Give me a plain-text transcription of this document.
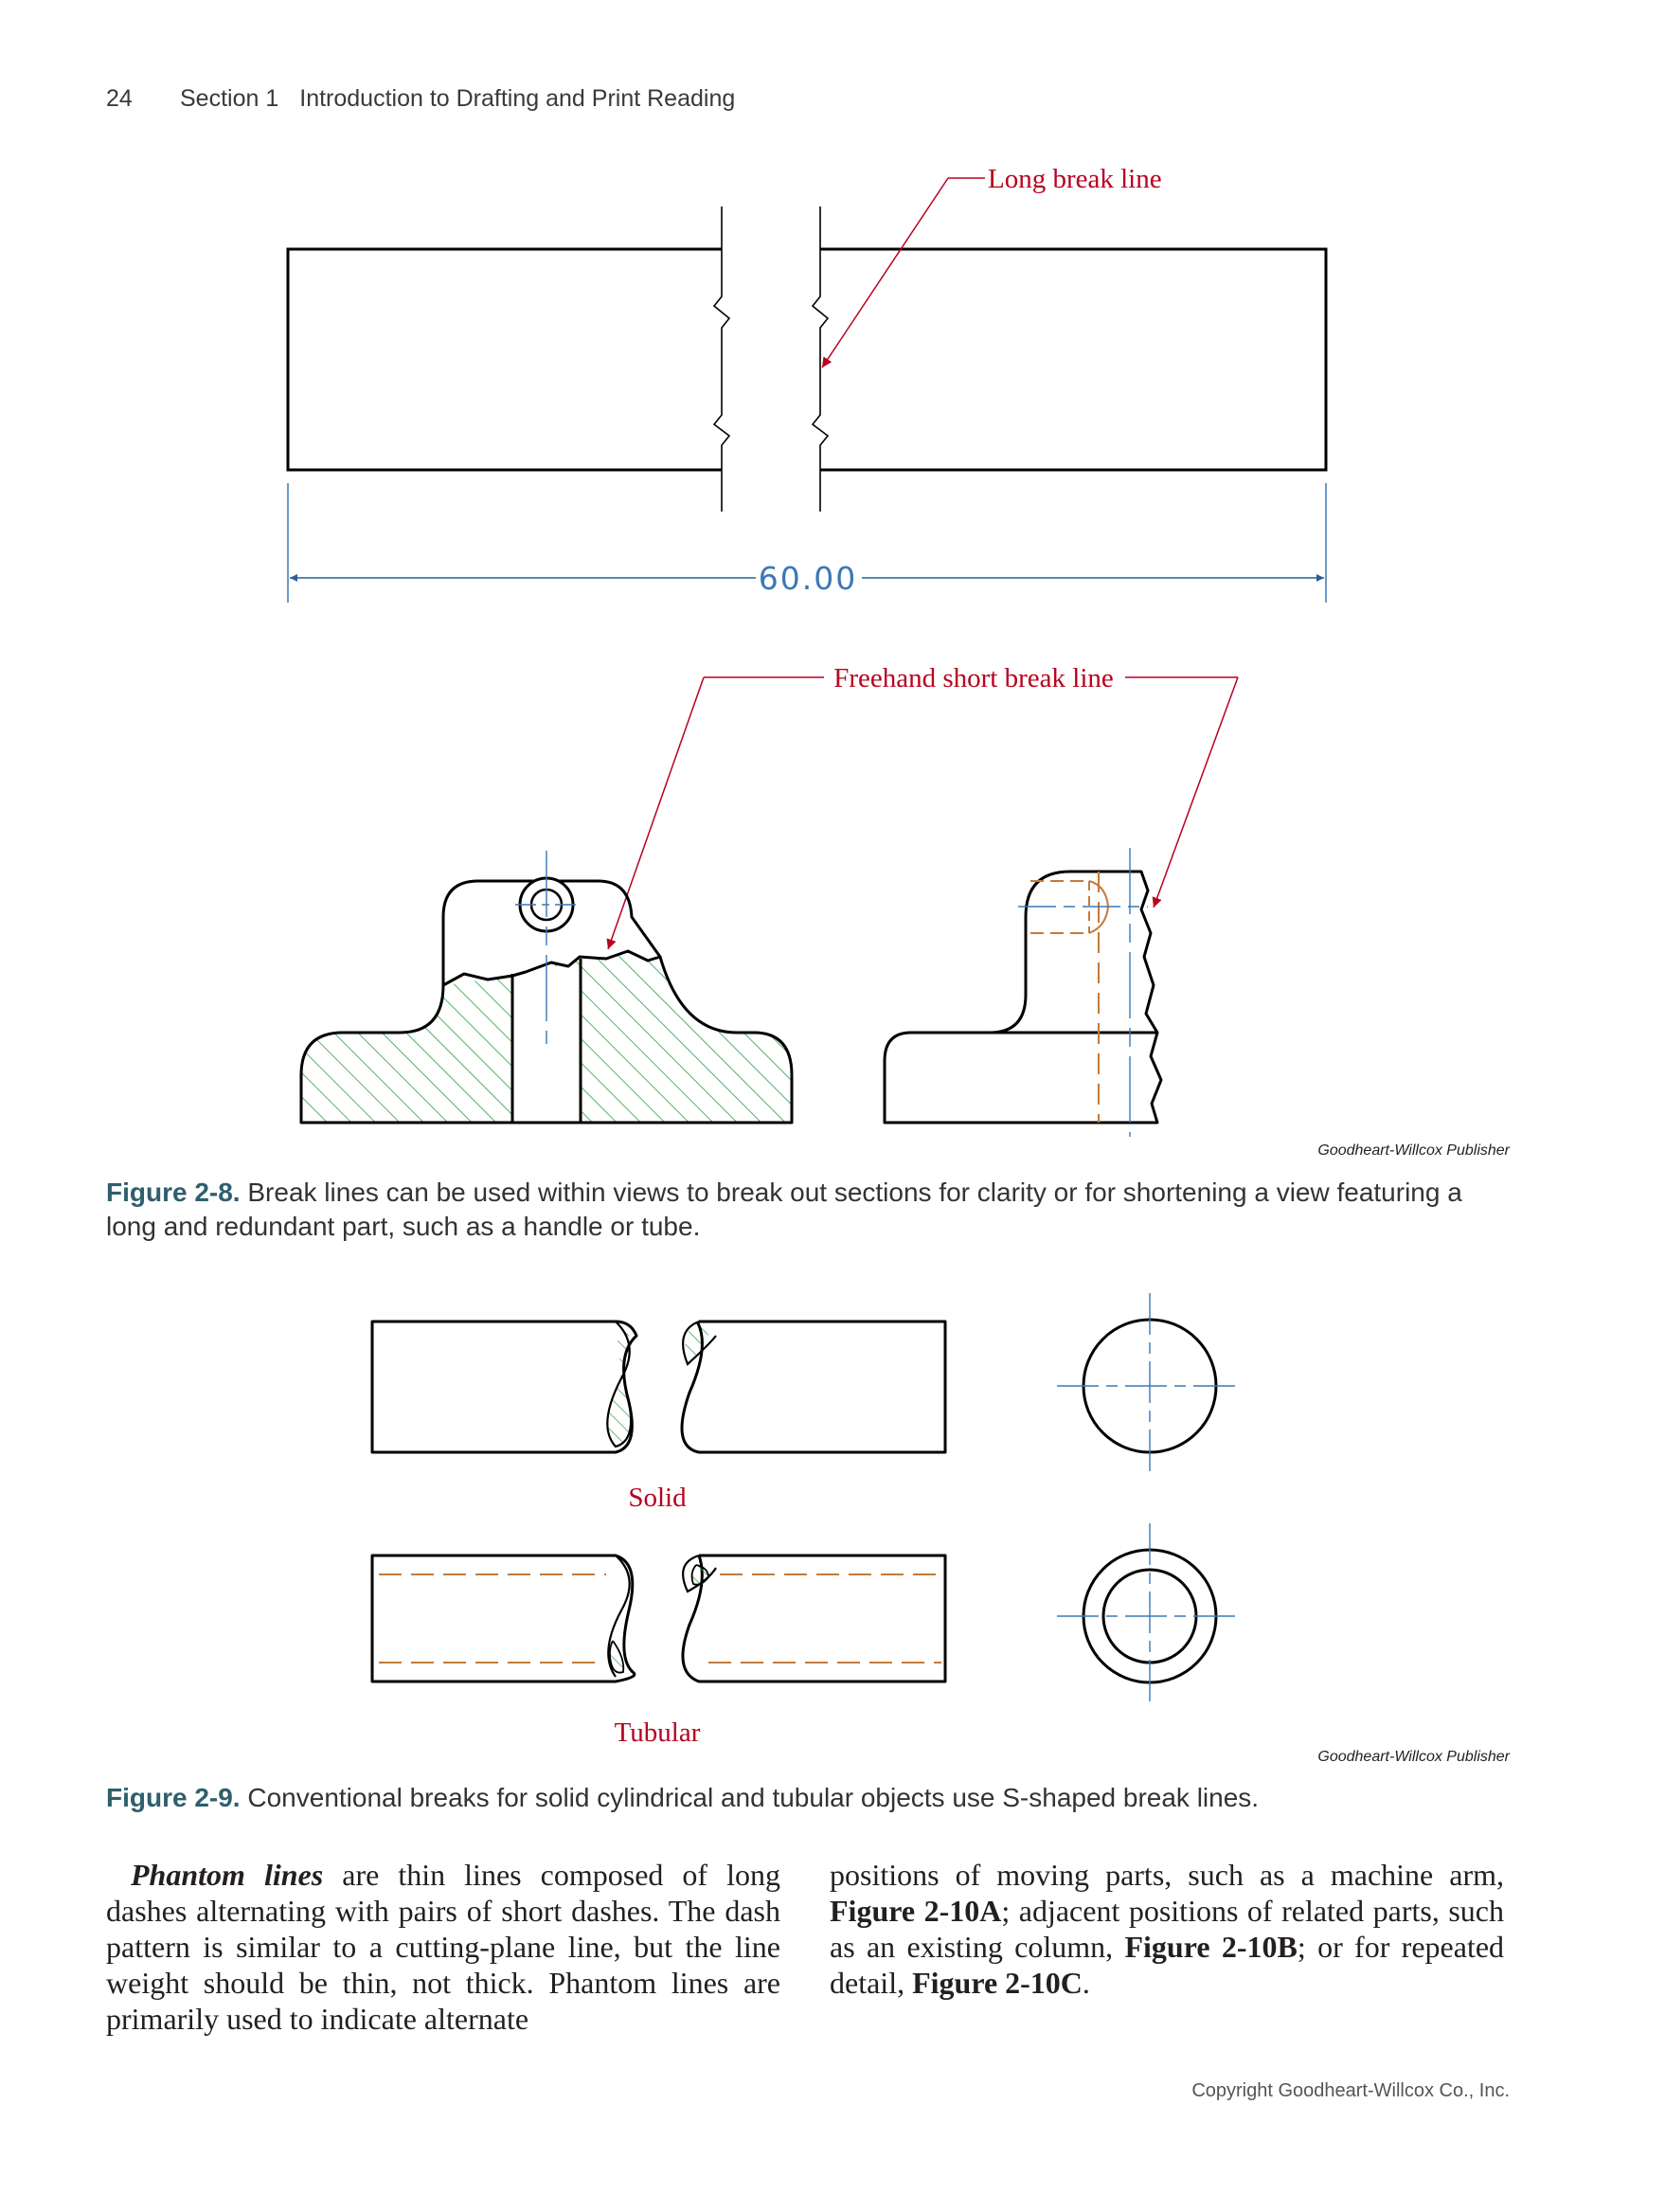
24 Section 1 Introduction to Drafting and Print Reading
Long break line
60.00
Freehand short break line
Goodheart-Willcox Publisher
Figure 2-8. Break lines can be used within views to break out sections for clarity or for shortening a view featuring a long and redundant part, such as a handle or tube.
Solid
Tubular
Goodheart-Willcox Publisher
Figure 2-9. Conventional breaks for solid cylindrical and tubular objects use S-shaped break lines.
Phantom lines are thin lines composed of long dashes alternating with pairs of short dashes. The dash pattern is similar to a cutting-plane line, but the line weight should be thin, not thick. Phantom lines are primarily used to indicate alternate
positions of moving parts, such as a machine arm, Figure 2-10A; adjacent positions of related parts, such as an existing column, Figure 2-10B; or for repeated detail, Figure 2-10C.
Copyright Goodheart-Willcox Co., Inc.
